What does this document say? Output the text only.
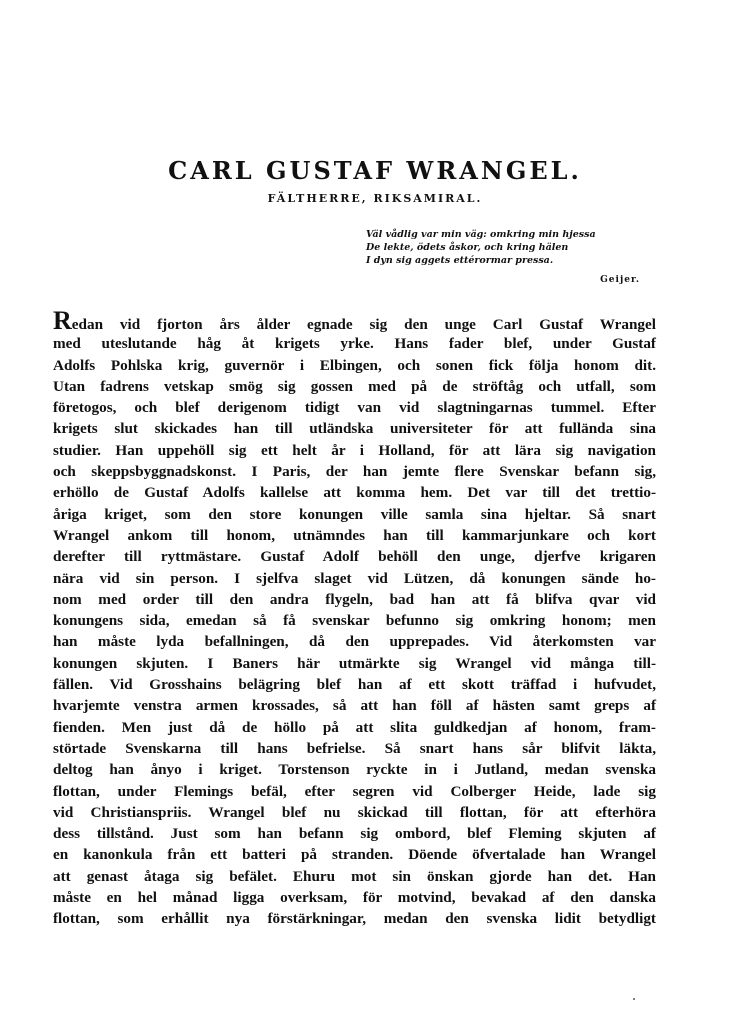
CARL GUSTAF WRANGEL.
FÄLTHERRE, RIKSAMIRAL.
Väl vådlig var min väg: omkring min hjessa
De lekte, ödets åskor, och kring hälen
I dyn sig aggets ettérormar pressa.
Geijer.
Redan vid fjorton års ålder egnade sig den unge Carl Gustaf Wrangel
med uteslutande håg åt krigets yrke. Hans fader blef, under Gustaf
Adolfs Pohlska krig, guvernör i Elbingen, och sonen fick följa honom dit.
Utan fadrens vetskap smög sig gossen med på de ströftåg och utfall, som
företogos, och blef derigenom tidigt van vid slagtningarnas tummel. Efter
krigets slut skickades han till utländska universiteter för att fullända sina
studier. Han uppehöll sig ett helt år i Holland, för att lära sig navigation
och skeppsbyggnadskonst. I Paris, der han jemte flere Svenskar befann sig,
erhöllo de Gustaf Adolfs kallelse att komma hem. Det var till det trettio-
åriga kriget, som den store konungen ville samla sina hjeltar. Så snart
Wrangel ankom till honom, utnämndes han till kammarjunkare och kort
derefter till ryttmästare. Gustaf Adolf behöll den unge, djerfve krigaren
nära vid sin person. I sjelfva slaget vid Lützen, då konungen sände ho-
nom med order till den andra flygeln, bad han att få blifva qvar vid
konungens sida, emedan så få svenskar befunno sig omkring honom; men
han måste lyda befallningen, då den upprepades. Vid återkomsten var
konungen skjuten. I Baners här utmärkte sig Wrangel vid många till-
fällen. Vid Grosshains belägring blef han af ett skott träffad i hufvudet,
hvarjemte venstra armen krossades, så att han föll af hästen samt greps af
fienden. Men just då de höllo på att slita guldkedjan af honom, fram-
störtade Svenskarna till hans befrielse. Så snart hans sår blifvit läkta,
deltog han ånyo i kriget. Torstenson ryckte in i Jutland, medan svenska
flottan, under Flemings befäl, efter segren vid Colberger Heide, lade sig
vid Christianspriis. Wrangel blef nu skickad till flottan, för att efterhöra
dess tillstånd. Just som han befann sig ombord, blef Fleming skjuten af
en kanonkula från ett batteri på stranden. Döende öfvertalade han Wrangel
att genast åtaga sig befälet. Ehuru mot sin önskan gjorde han det. Han
måste en hel månad ligga overksam, för motvind, bevakad af den danska
flottan, som erhållit nya förstärkningar, medan den svenska lidit betydligt
